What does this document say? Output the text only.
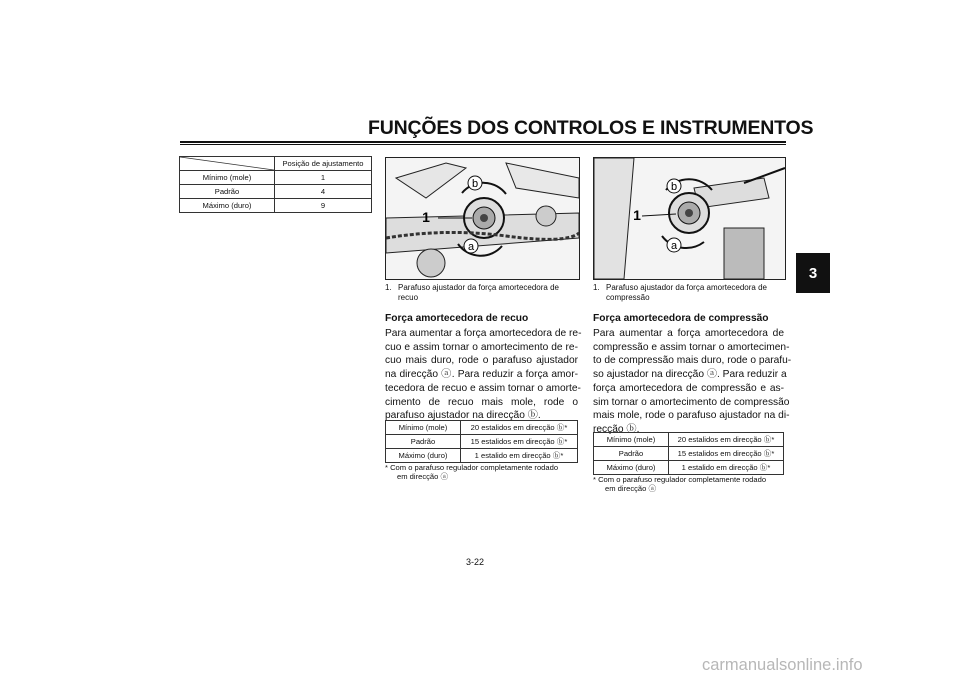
FUNÇÕES DOS CONTROLOS E INSTRUMENTOS
3
	Posição de ajustamento
Mínimo (mole)	1
Padrão	4
Máximo (duro)	9
b
1
a
1. Parafuso ajustador da força amortecedora de recuo
Força amortecedora de recuo
Para aumentar a força amortecedora de re-
cuo e assim tornar o amortecimento de re-
cuo mais duro, rode o parafuso ajustador
na direcção ⓐ. Para reduzir a força amor-
tecedora de recuo e assim tornar o amorte-
cimento de recuo mais mole, rode o
parafuso ajustador na direcção ⓑ.
Mínimo (mole)	20 estalidos em direcção ⓑ*
Padrão	15 estalidos em direcção ⓑ*
Máximo (duro)	1 estalido em direcção ⓑ*
* Com o parafuso regulador completamente rodado
em direcção ⓐ
b
1
a
1. Parafuso ajustador da força amortecedora de compressão
Força amortecedora de compressão
Para aumentar a força amortecedora de
compressão e assim tornar o amortecimen-
to de compressão mais duro, rode o parafu-
so ajustador na direcção ⓐ. Para reduzir a
força amortecedora de compressão e as-
sim tornar o amortecimento de compressão
mais mole, rode o parafuso ajustador na di-
recção ⓑ.
Mínimo (mole)	20 estalidos em direcção ⓑ*
Padrão	15 estalidos em direcção ⓑ*
Máximo (duro)	1 estalido em direcção ⓑ*
* Com o parafuso regulador completamente rodado
em direcção ⓐ
3-22
carmanualsonline.info
